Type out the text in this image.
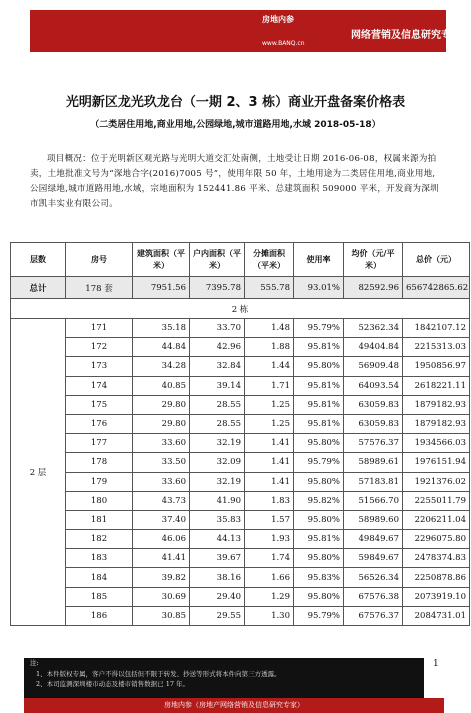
房地内参
www.BANQ.cn
网络营销及信息研究专家
光明新区龙光玖龙台（一期 2、3 栋）商业开盘备案价格表
（二类居住用地,商业用地,公园绿地,城市道路用地,水域 2018-05-18）
项目概况：位于光明新区观光路与光明大道交汇处南侧，土地受让日期 2016-06-08，权属来源为拍卖，土地批准文号为“深地合字(2016)7005 号”，使用年限 50 年，土地用途为二类居住用地,商业用地,公园绿地,城市道路用地,水域，宗地面积为 152441.86 平米、总建筑面积 509000 平米，开发商为深圳市凯丰实业有限公司。
层数	房号	建筑面积（平米）	户内面积（平米）	分摊面积（平米）	使用率	均价（元/平米）	总价（元）
总计	178 套	7951.56	7395.78	555.78	93.01%	82592.96	656742865.62
2 栋							
2 层	171	35.18	33.70	1.48	95.79%	52362.34	1842107.12
	172	44.84	42.96	1.88	95.81%	49404.84	2215313.03
	173	34.28	32.84	1.44	95.80%	56909.48	1950856.97
	174	40.85	39.14	1.71	95.81%	64093.54	2618221.11
	175	29.80	28.55	1.25	95.81%	63059.83	1879182.93
	176	29.80	28.55	1.25	95.81%	63059.83	1879182.93
	177	33.60	32.19	1.41	95.80%	57576.37	1934566.03
	178	33.50	32.09	1.41	95.79%	58989.61	1976151.94
	179	33.60	32.19	1.41	95.80%	57183.81	1921376.02
	180	43.73	41.90	1.83	95.82%	51566.70	2255011.79
	181	37.40	35.83	1.57	95.80%	58989.60	2206211.04
	182	46.06	44.13	1.93	95.81%	49849.67	2296075.80
	183	41.41	39.67	1.74	95.80%	59849.67	2478374.83
	184	39.82	38.16	1.66	95.83%	56526.34	2250878.86
	185	30.69	29.40	1.29	95.80%	67576.38	2073919.10
	186	30.85	29.55	1.30	95.79%	67576.37	2084731.01
1
注:
1、本件版权专属，客户不得以包括但不限于转发、抄送等形式将本件向第三方透露。
2、本司监测深圳楼市动态及楼市销售数据已 17 年。
房地内参（房地产网络营销及信息研究专家）
